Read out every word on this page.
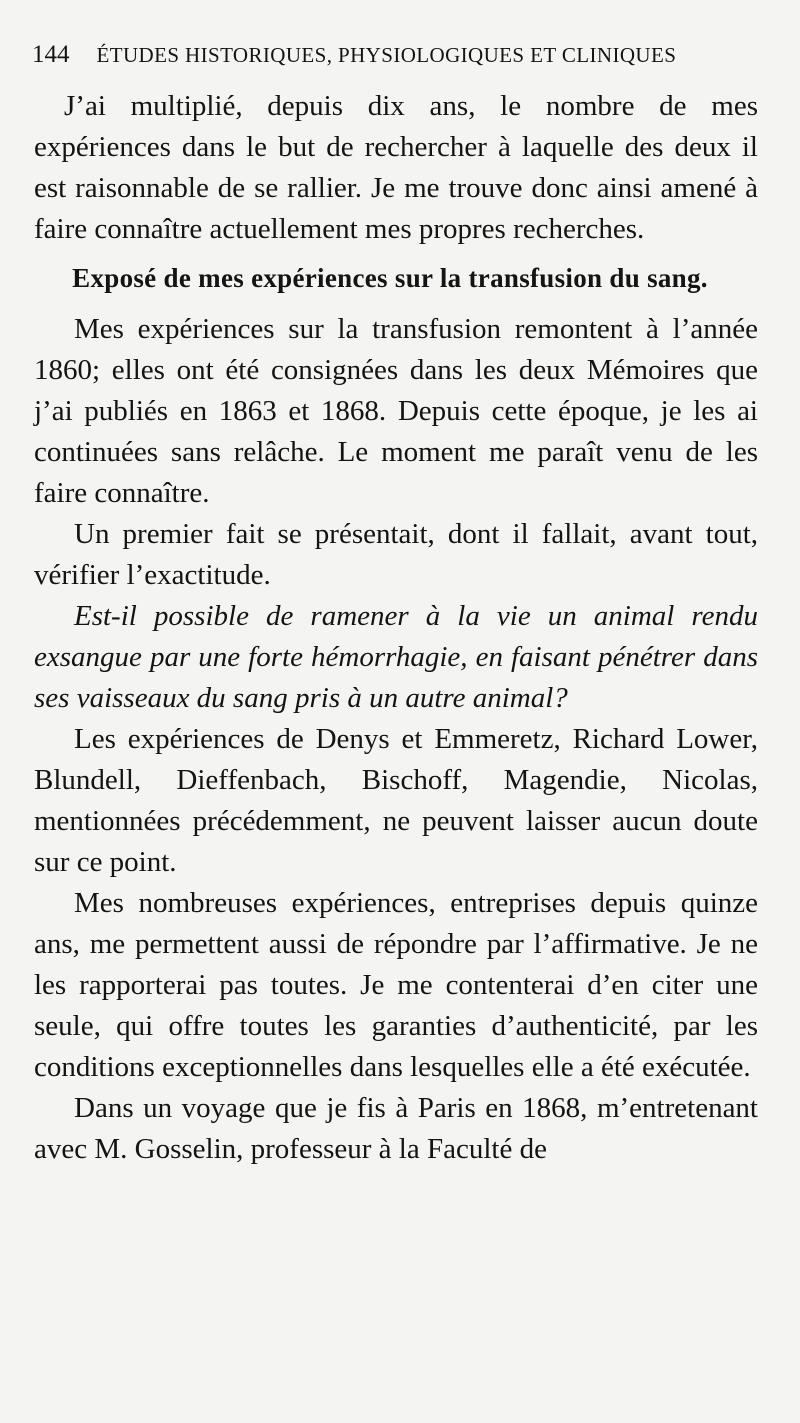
144 ÉTUDES HISTORIQUES, PHYSIOLOGIQUES ET CLINIQUES

J’ai multiplié, depuis dix ans, le nombre de mes expériences dans le but de rechercher à laquelle des deux il est raisonnable de se rallier. Je me trouve donc ainsi amené à faire connaître actuellement mes propres recherches.

Exposé de mes expériences sur la transfusion du sang.

Mes expériences sur la transfusion remontent à l’année 1860; elles ont été consignées dans les deux Mémoires que j’ai publiés en 1863 et 1868. Depuis cette époque, je les ai continuées sans relâche. Le moment me paraît venu de les faire connaître.

Un premier fait se présentait, dont il fallait, avant tout, vérifier l’exactitude.

Est-il possible de ramener à la vie un animal rendu exsangue par une forte hémorrhagie, en faisant pénétrer dans ses vaisseaux du sang pris à un autre animal?

Les expériences de Denys et Emmeretz, Richard Lower, Blundell, Dieffenbach, Bischoff, Magendie, Nicolas, mentionnées précédemment, ne peuvent laisser aucun doute sur ce point.

Mes nombreuses expériences, entreprises depuis quinze ans, me permettent aussi de répondre par l’affirmative. Je ne les rapporterai pas toutes. Je me contenterai d’en citer une seule, qui offre toutes les garanties d’authenticité, par les conditions exceptionnelles dans lesquelles elle a été exécutée.

Dans un voyage que je fis à Paris en 1868, m’entretenant avec M. Gosselin, professeur à la Faculté de
